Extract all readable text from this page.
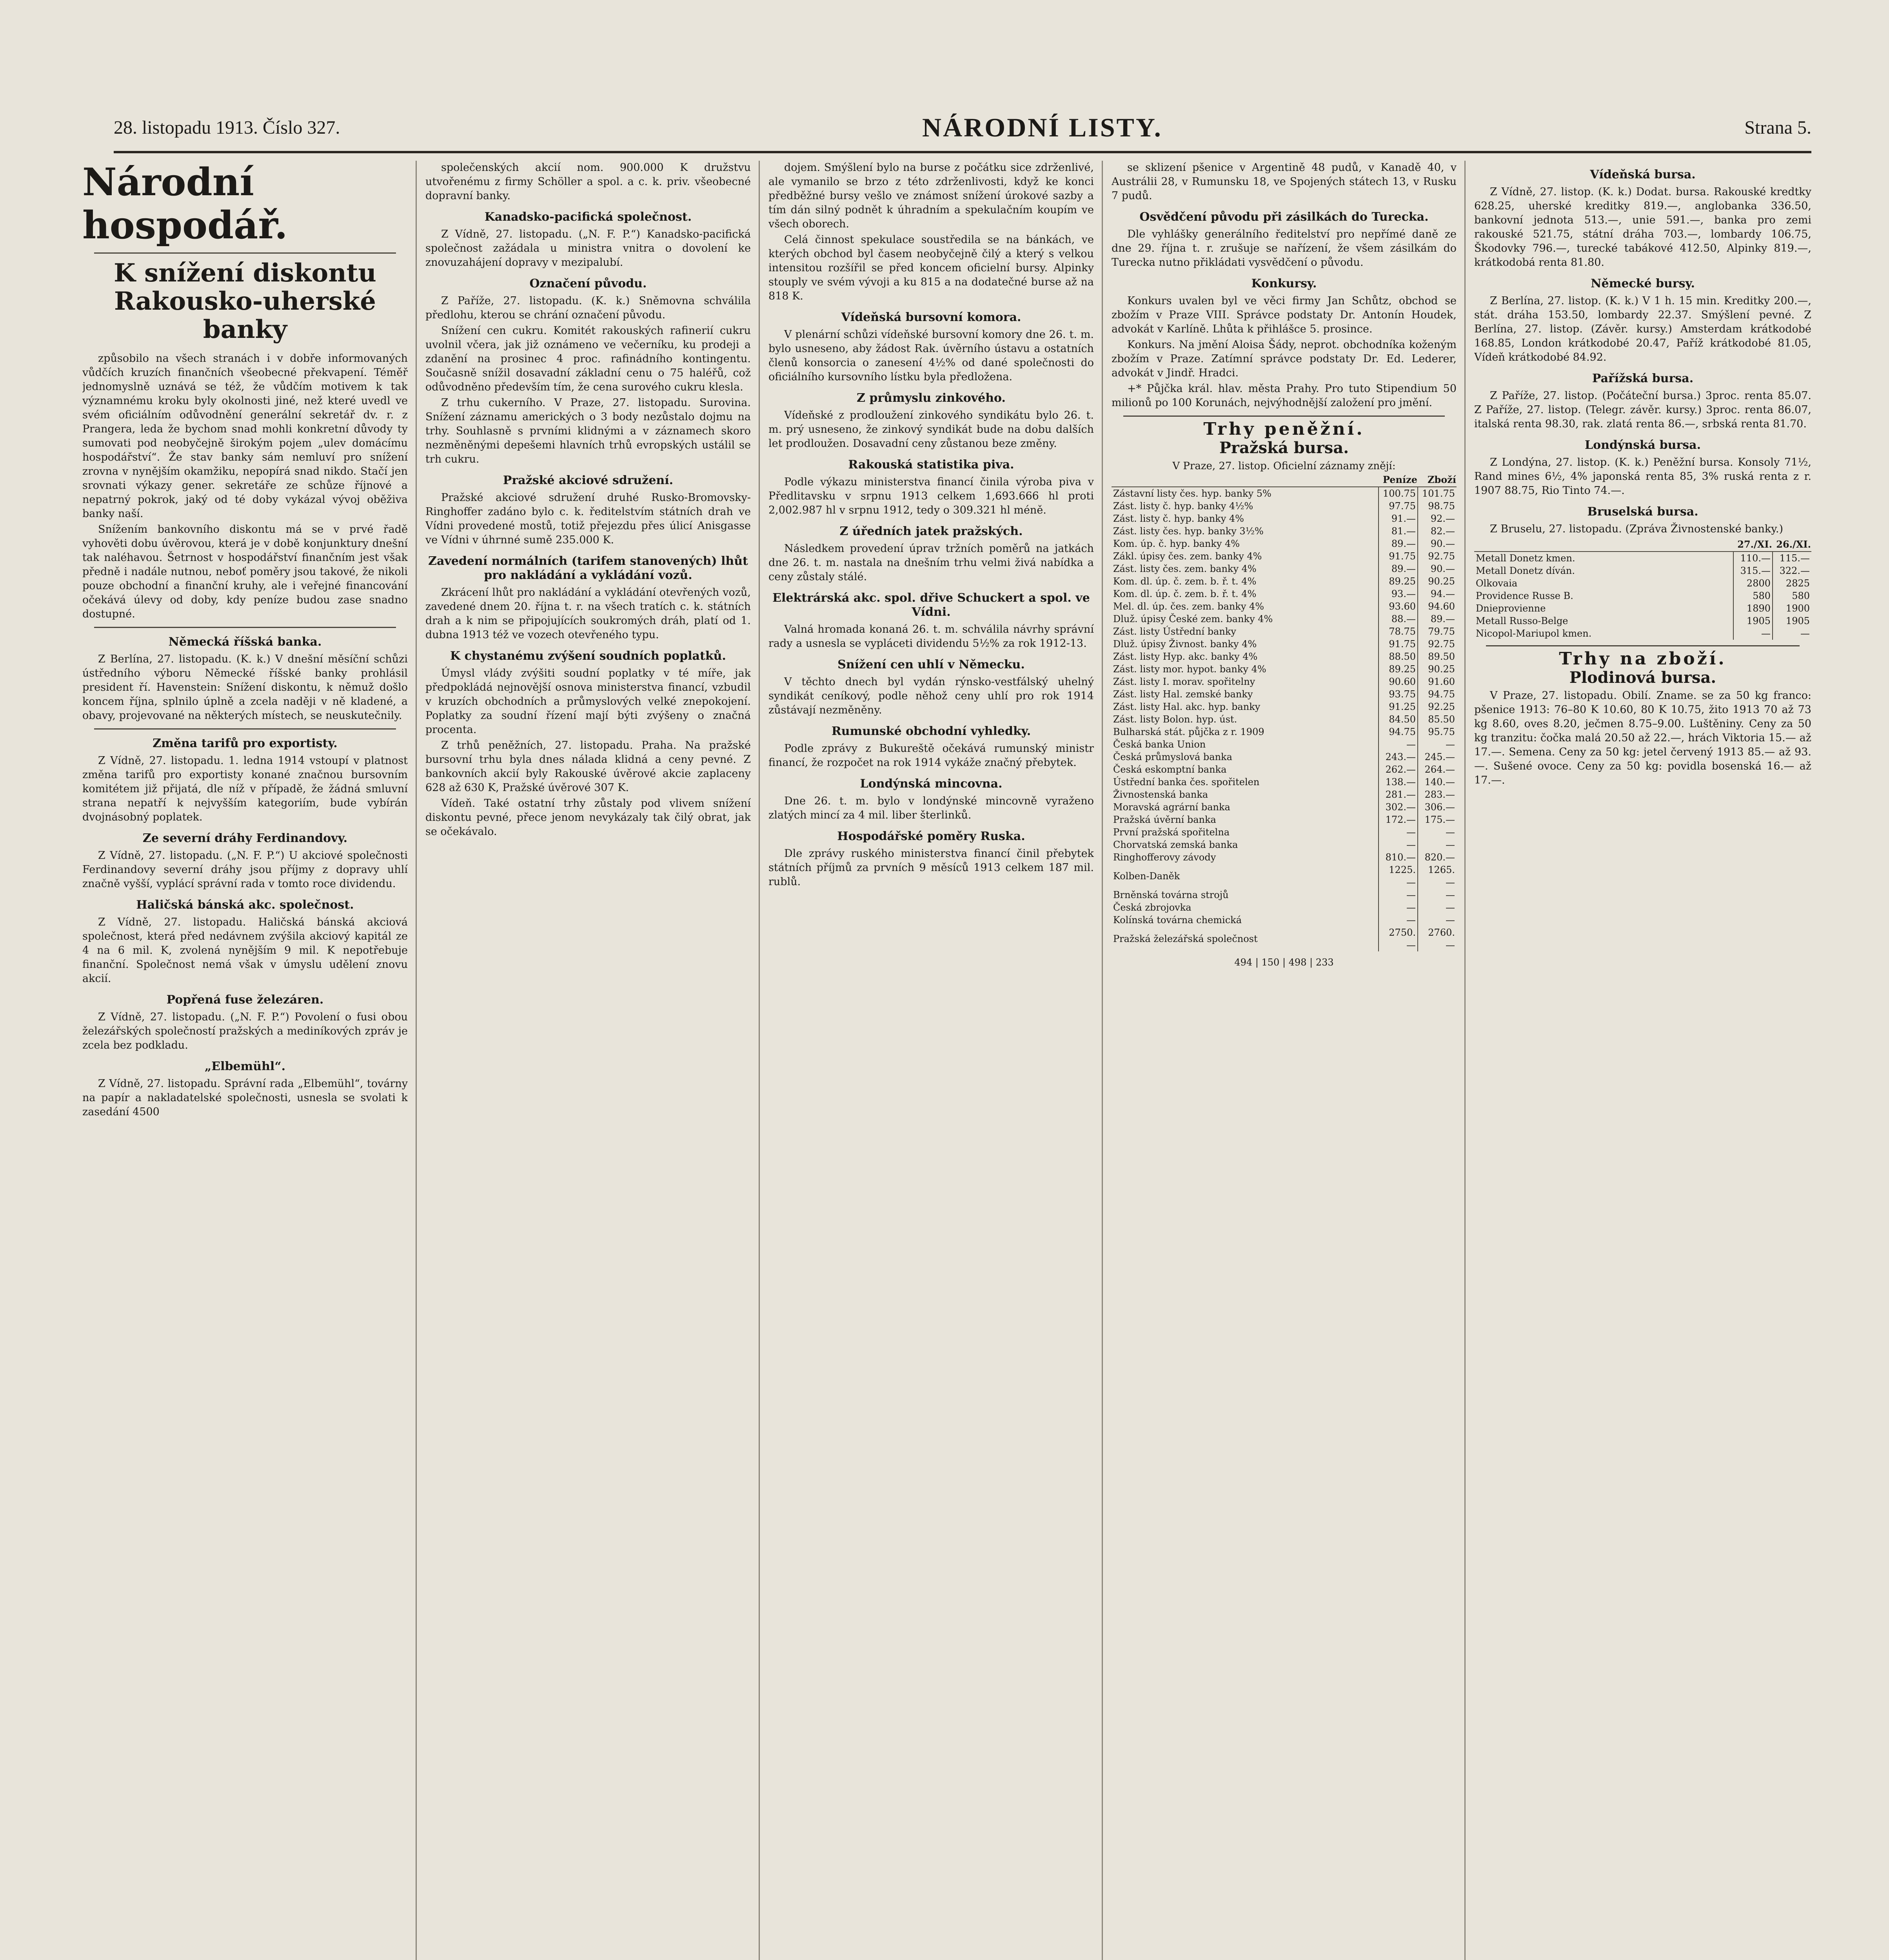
28. listopadu 1913. Číslo 327.	NÁRODNÍ LISTY.	Strana 5.

Národní hospodář.

K snížení diskontu Rakousko-uherské banky

způsobilo na všech stranách i v dobře informovaných vůdčích kruzích finančních všeobecné překvapení. Téměř jednomyslně uznává se též, že vůdčím motivem k tak významnému kroku byly okolnosti jiné, než které uvedl ve svém oficiálním odůvodnění generální sekretář dv. r. z Prangera, leda že bychom snad mohli konkretní důvody ty sumovati pod neobyčejně širokým pojem „ulev domácímu hospodářství“. Že stav banky sám nemluví pro snížení zrovna v nynějším okamžiku, nepopírá snad nikdo. Stačí jen srovnati výkazy gener. sekretáře ze schůze říjnové a nepatrný pokrok, jaký od té doby vykázal vývoj oběživa banky naší.

Snížením bankovního diskontu má se v prvé řadě vyhověti dobu úvěrovou, která je v době konjunktury dnešní tak naléhavou. Šetrnost v hospodářství finančním jest však předně i nadále nutnou, neboť poměry jsou takové, že nikoli pouze obchodní a finanční kruhy, ale i veřejné financování očekává úlevy od doby, kdy peníze budou zase snadno dostupné.

Německá říšská banka.

Z Berlína, 27. listopadu. (K. k.) V dnešní měsíční schůzi ústředního výboru Německé říšské banky prohlásil president ří. Havenstein: Snížení diskontu, k němuž došlo koncem října, splnilo úplně a zcela naději v ně kladené, a obavy, projevované na některých místech, se neuskutečnily.

Změna tarifů pro exportisty.

Z Vídně, 27. listopadu. 1. ledna 1914 vstoupí v platnost změna tarifů pro exportisty konané značnou bursovním komitétem již přijatá, dle níž v případě, že žádná smluvní strana nepatří k nejvyšším kategoriím, bude vybírán dvojnásobný poplatek.

Ze severní dráhy Ferdinandovy.

Z Vídně, 27. listopadu. („N. F. P.“) U akciové společnosti Ferdinandovy severní dráhy jsou příjmy z dopravy uhlí značně vyšší, vyplácí správní rada v tomto roce dividendu.

Haličská bánská akc. společnost.

Z Vídně, 27. listopadu. Haličská bánská akciová společnost, která před nedávnem zvýšila akciový kapitál ze 4 na 6 mil. K, zvolená nynějším 9 mil. K nepotřebuje finanční. Společnost nemá však v úmyslu udělení znovu akcií.

Popřená fuse železáren.

Z Vídně, 27. listopadu. („N. F. P.“) Povolení o fusi obou železářských společností pražských a mediníkových zpráv je zcela bez podkladu.

„Elbemühl“.

Z Vídně, 27. listopadu. Správní rada „Elbemühl“, továrny na papír a nakladatelské společnosti, usnesla se svolati k zasedání 4500

společenských akcií nom. 900.000 K družstvu utvořenému z firmy Schöller a spol. a c. k. priv. všeobecné dopravní banky.

Kanadsko-pacifická společnost.

Z Vídně, 27. listopadu. („N. F. P.“) Kanadsko-pacifická společnost zažádala u ministra vnitra o dovolení ke znovuzahájení dopravy v mezipalubí.

Označení původu.

Z Paříže, 27. listopadu. (K. k.) Sněmovna schválila předlohu, kterou se chrání označení původu.

Snížení cen cukru. Komitét rakouských rafinerií cukru uvolnil včera, jak již oznámeno ve večerníku, ku prodeji a zdanění na prosinec 4 proc. rafinádního kontingentu. Současně snížil dosavadní základní cenu o 75 haléřů, což odůvodněno především tím, že cena surového cukru klesla.

Z trhu cukerního. V Praze, 27. listopadu. Surovina. Snížení záznamu amerických o 3 body nezůstalo dojmu na trhy. Souhlasně s prvními klidnými a v záznamech skoro nezměněnými depešemi hlavních trhů evropských ustálil se trh cukru.

Pražské akciové sdružení.

Pražské akciové sdružení druhé Rusko-Bromovsky-Ringhoffer zadáno bylo c. k. ředitelstvím státních drah ve Vídni provedené mostů, totiž přejezdu přes úlicí Anisgasse ve Vídni v úhrnné sumě 235.000 K.

Zavedení normálních (tarifem stanovených) lhůt pro nakládání a vykládání vozů.

Zkrácení lhůt pro nakládání a vykládání otevřených vozů, zavedené dnem 20. října t. r. na všech tratích c. k. státních drah a k nim se připojujících soukromých dráh, platí od 1. dubna 1913 též ve vozech otevřeného typu.

K chystanému zvýšení soudních poplatků.

Úmysl vlády zvýšiti soudní poplatky v té míře, jak předpokládá nejnovější osnova ministerstva financí, vzbudil v kruzích obchodních a průmyslových velké znepokojení. Poplatky za soudní řízení mají býti zvýšeny o značná procenta.

Z trhů peněžních, 27. listopadu. Praha. Na pražské bursovní trhu byla dnes nálada klidná a ceny pevné. Z bankovních akcií byly Rakouské úvěrové akcie zaplaceny 628 až 630 K, Pražské úvěrové 307 K.

Vídeň. Také ostatní trhy zůstaly pod vlivem snížení diskontu pevné, přece jenom nevykázaly tak čilý obrat, jak se očekávalo.

dojem. Smýšlení bylo na burse z počátku sice zdrženlivé, ale vymanilo se brzo z této zdrženlivosti, když ke konci předběžné bursy vešlo ve známost snížení úrokové sazby a tím dán silný podnět k úhradním a spekulačním koupím ve všech oborech.

Celá činnost spekulace soustředila se na bánkách, ve kterých obchod byl časem neobyčejně čilý a který s velkou intensitou rozšířil se před koncem oficielní bursy. Alpinky stouply ve svém vývoji a ku 815 a na dodatečné burse až na 818 K.

Vídeňská bursovní komora.

V plenární schůzi vídeňské bursovní komory dne 26. t. m. bylo usneseno, aby žádost Rak. úvěrního ústavu a ostatních členů konsorcia o zanesení 4½% od dané společnosti do oficiálního kursovního lístku byla předložena.

Z průmyslu zinkového.

Vídeňské z prodloužení zinkového syndikátu bylo 26. t. m. prý usneseno, že zinkový syndikát bude na dobu dalších let prodloužen. Dosavadní ceny zůstanou beze změny.

Rakouská statistika piva.

Podle výkazu ministerstva financí činila výroba piva v Předlitavsku v srpnu 1913 celkem 1,693.666 hl proti 2,002.987 hl v srpnu 1912, tedy o 309.321 hl méně.

Z úředních jatek pražských.

Následkem provedení úprav tržních poměrů na jatkách dne 26. t. m. nastala na dnešním trhu velmi živá nabídka a ceny zůstaly stálé.

Elektrárská akc. spol. dřive Schuckert a spol. ve Vídni.

Valná hromada konaná 26. t. m. schválila návrhy správní rady a usnesla se vypláceti dividendu 5½% za rok 1912-13.

Snížení cen uhlí v Německu.

V těchto dnech byl vydán rýnsko-vestfálský uhelný syndikát ceníkový, podle něhož ceny uhlí pro rok 1914 zůstávají nezměněny.

Rumunské obchodní vyhledky.

Podle zprávy z Bukureště očekává rumunský ministr financí, že rozpočet na rok 1914 vykáže značný přebytek.

Londýnská mincovna.

Dne 26. t. m. bylo v londýnské mincovně vyraženo zlatých mincí za 4 mil. liber šterlinků.

Hospodářské poměry Ruska.

Dle zprávy ruského ministerstva financí činil přebytek státních příjmů za prvních 9 měsíců 1913 celkem 187 mil. rublů.

se sklizení pšenice v Argentině 48 pudů, v Kanadě 40, v Austrálii 28, v Rumunsku 18, ve Spojených státech 13, v Rusku 7 pudů.

Osvědčení původu při zásilkách do Turecka.

Dle vyhlášky generálního ředitelství pro nepřímé daně ze dne 29. října t. r. zrušuje se nařízení, že všem zásilkám do Turecka nutno přikládati vysvědčení o původu.

Konkursy.

Konkurs uvalen byl ve věci firmy Jan Schůtz, obchod se zbožím v Praze VIII. Správce podstaty Dr. Antonín Houdek, advokát v Karlíně. Lhůta k přihlášce 5. prosince.

Konkurs. Na jmění Aloisa Šády, neprot. obchodníka koženým zbožím v Praze. Zatímní správce podstaty Dr. Ed. Lederer, advokát v Jindř. Hradci.

+* Půjčka král. hlav. města Prahy. Pro tuto Stipendium 50 milionů po 100 Korunách, nejvýhodnější založení pro jmění.

Trhy peněžní.
Pražská bursa.
V Praze, 27. listop. Oficielní záznamy znějí:
	Peníze	Zboží
Zástavní listy čes. hyp. banky 5%	100.75	101.75
Zást. listy č. hyp. banky 4½%	97.75	98.75
Zást. listy č. hyp. banky 4%	91.—	92.—
Zást. listy čes. hyp. banky 3½%	81.—	82.—
Kom. úp. č. hyp. banky 4%	89.—	90.—
Zákl. úpisy čes. zem. banky 4%	91.75	92.75
Zást. listy čes. zem. banky 4%	89.—	90.—
Kom. dl. úp. č. zem. b. ř. t. 4%	89.25	90.25
Kom. dl. úp. č. zem. b. ř. t. 4%	93.—	94.—
Mel. dl. úp. čes. zem. banky 4%	93.60	94.60
Dluž. úpisy České zem. banky 4%	88.—	89.—
Zást. listy Ústřední banky	78.75	79.75
Dluž. úpisy Živnost. banky 4%	91.75	92.75
Zást. listy Hyp. akc. banky 4%	88.50	89.50
Zást. listy mor. hypot. banky 4%	89.25	90.25
Zást. listy I. morav. spořitelny	90.60	91.60
Zást. listy Hal. zemské banky	93.75	94.75
Zást. listy Hal. akc. hyp. banky	91.25	92.25
Zást. listy Bolon. hyp. úst.	84.50	85.50
Bulharská stát. půjčka z r. 1909	94.75	95.75
Česká banka Union	—	—
Česká průmyslová banka	243.—	245.—
Česká eskomptní banka	262.—	264.—
Ústřední banka čes. spořitelen	138.—	140.—
Živnostenská banka	281.—	283.—
Moravská agrární banka	302.—	306.—
Pražská úvěrní banka	172.—	175.—
První pražská spořitelna	—	—
Chorvatská zemská banka	—	—
Ringhofferovy závody	810.—	820.—
Kolben-Daněk	1225.—	1265.—
Brněnská továrna strojů	—	—
Česká zbrojovka	—	—
Kolínská továrna chemická	—	—
Pražská železářská společnost	2750.—	2760.—
494 | 150 | 498 | 233
Vídeňská bursa.

Z Vídně, 27. listop. (K. k.) Dodat. bursa. Rakouské kredtky 628.25, uherské kreditky 819.—, anglobanka 336.50, bankovní jednota 513.—, unie 591.—, banka pro zemi rakouské 521.75, státní dráha 703.—, lombardy 106.75, Škodovky 796.—, turecké tabákové 412.50, Alpinky 819.—, krátkodobá renta 81.80.

Německé bursy.

Z Berlína, 27. listop. (K. k.) V 1 h. 15 min. Kreditky 200.—, stát. dráha 153.50, lombardy 22.37. Smýšlení pevné. Z Berlína, 27. listop. (Závěr. kursy.) Amsterdam krátkodobé 168.85, London krátkodobé 20.47, Paříž krátkodobé 81.05, Vídeň krátkodobé 84.92.

Pařížská bursa.

Z Paříže, 27. listop. (Počáteční bursa.) 3proc. renta 85.07. Z Paříže, 27. listop. (Telegr. závěr. kursy.) 3proc. renta 86.07, italská renta 98.30, rak. zlatá renta 86.—, srbská renta 81.70.

Londýnská bursa.

Z Londýna, 27. listop. (K. k.) Peněžní bursa. Konsoly 71½, Rand mines 6½, 4% japonská renta 85, 3% ruská renta z r. 1907 88.75, Rio Tinto 74.—.

Bruselská bursa.

Z Bruselu, 27. listopadu. (Zpráva Živnostenské banky.)

	27./XI.	26./XI.
Metall Donetz kmen.	110.—	115.—
Metall Donetz díván.	315.—	322.—
Olkovaia	2800	2825
Providence Russe B.	580	580
Dnieprovienne	1890	1900
Metall Russo-Belge	1905	1905
Nicopol-Mariupol kmen.	—	—
Trhy na zboží.
Plodinová bursa.

V Praze, 27. listopadu. Obilí. Zname. se za 50 kg franco: pšenice 1913: 76–80 K 10.60, 80 K 10.75, žito 1913 70 až 73 kg 8.60, oves 8.20, ječmen 8.75–9.00. Luštěniny. Ceny za 50 kg tranzitu: čočka malá 20.50 až 22.—, hrách Viktoria 15.— až 17.—. Semena. Ceny za 50 kg: jetel červený 1913 85.— až 93.—. Sušené ovoce. Ceny za 50 kg: povidla bosenská 16.— až 17.—.
